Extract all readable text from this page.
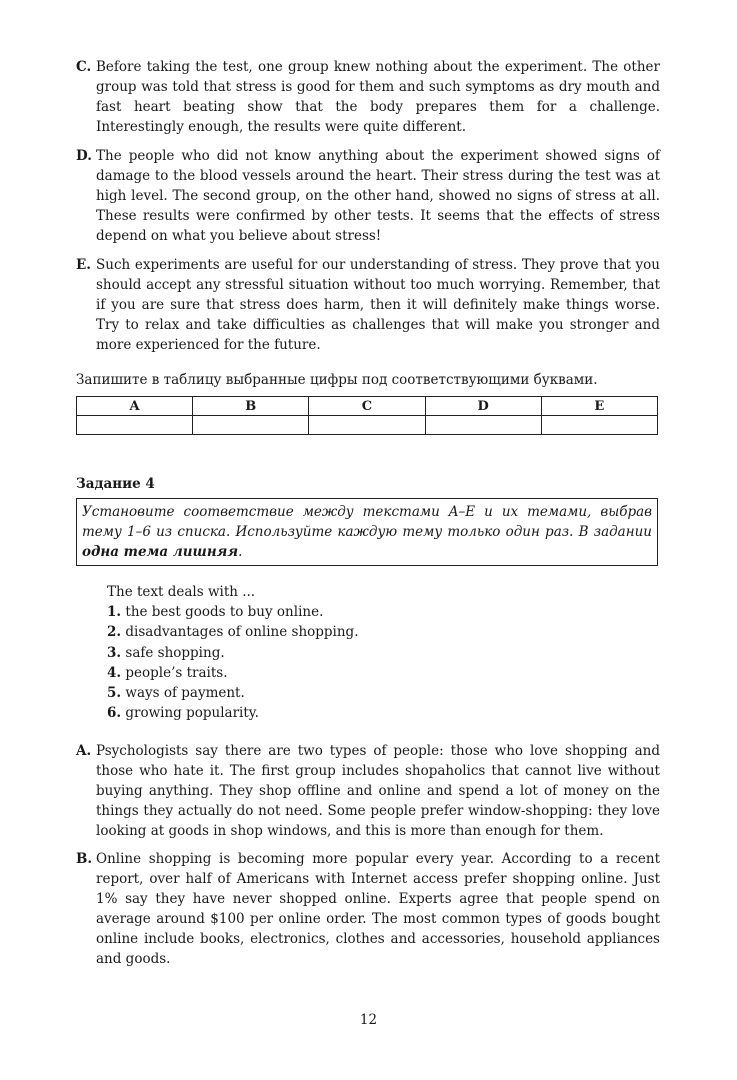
C. Before taking the test, one group knew nothing about the experiment. The other group was told that stress is good for them and such symptoms as dry mouth and fast heart beating show that the body prepares them for a challenge. Interestingly enough, the results were quite different.
D. The people who did not know anything about the experiment showed signs of damage to the blood vessels around the heart. Their stress during the test was at high level. The second group, on the other hand, showed no signs of stress at all. These results were confirmed by other tests. It seems that the effects of stress depend on what you believe about stress!
E. Such experiments are useful for our understanding of stress. They prove that you should accept any stressful situation without too much worrying. Remember, that if you are sure that stress does harm, then it will definitely make things worse. Try to relax and take difficulties as challenges that will make you stronger and more experienced for the future.
Запишите в таблицу выбранные цифры под соответствующими буквами.
A	B	C	D	E

Задание 4
Установите соответствие между текстами A–E и их темами, выбрав тему 1–6 из списка. Используйте каждую тему только один раз. В задании одна тема лишняя.
The text deals with ...
1. the best goods to buy online.
2. disadvantages of online shopping.
3. safe shopping.
4. people’s traits.
5. ways of payment.
6. growing popularity.
A. Psychologists say there are two types of people: those who love shopping and those who hate it. The first group includes shopaholics that cannot live without buying anything. They shop offline and online and spend a lot of money on the things they actually do not need. Some people prefer window-shopping: they love looking at goods in shop windows, and this is more than enough for them.
B. Online shopping is becoming more popular every year. According to a recent report, over half of Americans with Internet access prefer shopping online. Just 1% say they have never shopped online. Experts agree that people spend on average around $100 per online order. The most common types of goods bought online include books, electronics, clothes and accessories, household appliances and goods.
12
